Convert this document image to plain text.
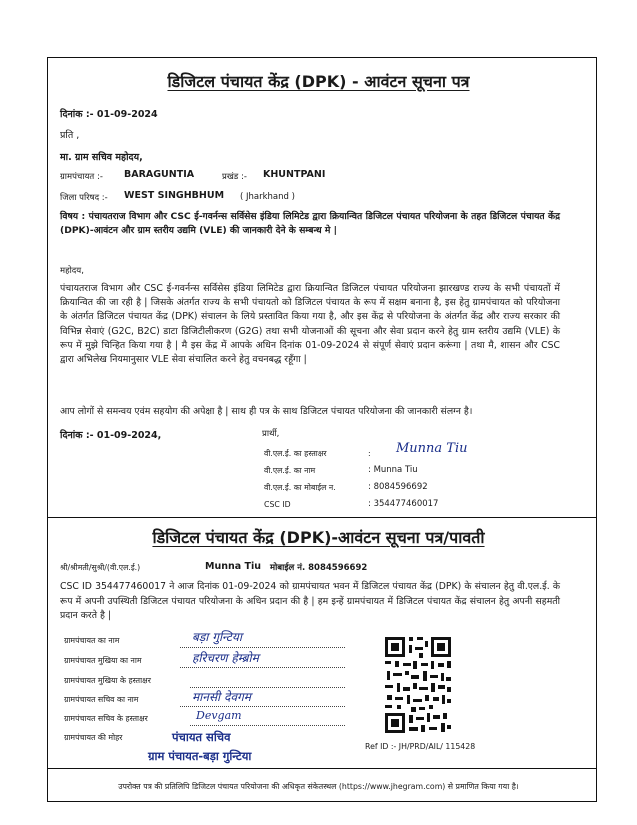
डिजिटल पंचायत केंद्र (DPK) - आवंटन सूचना पत्र
दिनांक :- 01-09-2024
प्रति ,
मा. ग्राम सचिव महोदय,
ग्रामपंचायत :- BARAGUNTIA	प्रखंड :- KHUNTPANI
जिला परिषद :- WEST SINGHBHUM ( Jharkhand )
विषय : पंचायतराज विभाग और CSC ई-गवर्नन्स सर्विसेस इंडिया लिमिटेड द्वारा क्रियान्वित डिजिटल पंचायत परियोजना के तहत डिजिटल पंचायत केंद्र (DPK)-आवंटन और ग्राम स्तरीय उद्यमि (VLE) की जानकारी देने के सम्बन्ध मे |
महोदय,
पंचायतराज विभाग और CSC ई-गवर्नन्स सर्विसेस इंडिया लिमिटेड द्वारा क्रियान्वित डिजिटल पंचायत परियोजना झारखण्ड राज्य के सभी पंचायतों में क्रियान्वित की जा रही है | जिसके अंतर्गत राज्य के सभी पंचायतो को डिजिटल पंचायत के रूप में सक्षम बनाना है, इस हेतु ग्रामपंचायत को परियोजना के अंतर्गत डिजिटल पंचायत केंद्र (DPK) संचालन के लिये प्रस्तावित किया गया है, और इस केंद्र से परियोजना के अंतर्गत केंद्र और राज्य सरकार की विभिन्न सेवाएं (G2C, B2C) डाटा डिजिटीलीकरण (G2G) तथा सभी योजनाओं की सूचना और सेवा प्रदान करने हेतु ग्राम स्तरीय उद्यमि (VLE) के रूप में मुझे चिन्हित किया गया है | मै इस केंद्र में आपके अधिन दिनांक 01-09-2024 से संपूर्ण सेवाएं प्रदान करूंगा | तथा मै, शासन और CSC द्वारा अभिलेख नियमानुसार VLE सेवा संचालित करने हेतु वचनबद्ध रहूँगा |
आप लोगों से समन्वय एवंम सहयोग की अपेक्षा है | साथ ही पत्र के साथ डिजिटल पंचायत परियोजना की जानकारी संलग्न है।
दिनांक :- 01-09-2024,	प्रार्थी,
वी.एल.ई. का हस्ताक्षर	: Munna Tiu
वी.एल.ई. का नाम	: Munna Tiu
वी.एल.ई. का मोबाईल न.	: 8084596692
CSC ID	: 354477460017
डिजिटल पंचायत केंद्र (DPK)-आवंटन सूचना पत्र/पावती
श्री/श्रीमती/सुश्री/(वी.एल.ई.)	Munna Tiu मोबाईल नं. 8084596692
CSC ID 354477460017 ने आज दिनांक 01-09-2024 को ग्रामपंचायत भवन में डिजिटल पंचायत केंद्र (DPK) के संचालन हेतु वी.एल.ई. के रूप में अपनी उपस्थिती डिजिटल पंचायत परियोजना के अधिन प्रदान की है | हम इन्हें ग्रामपंचायत में डिजिटल पंचायत केंद्र संचालन हेतु अपनी सहमती प्रदान करते है |
ग्रामपंचायत का नाम	बड़ा गुन्टिया
ग्रामपंचायत मुखिया का नाम	हरिचरण हेम्ब्रोम
ग्रामपंचायत मुखिया के हस्ताक्षर
ग्रामपंचायत सचिव का नाम	मानसी देवगम
ग्रामपंचायत सचिव के हस्ताक्षर	Devgam
ग्रामपंचायत की मोहर	पंचायत सचिव
ग्राम पंचायत-बड़ा गुन्टिया
Ref ID :- JH/PRD/AIL/ 115428
उपरोक्त पत्र की प्रतिलिपि डिजिटल पंचायत परियोजना की अधिकृत संकेतस्थल (https://www.jhegram.com) से प्रमाणित किया गया है।
